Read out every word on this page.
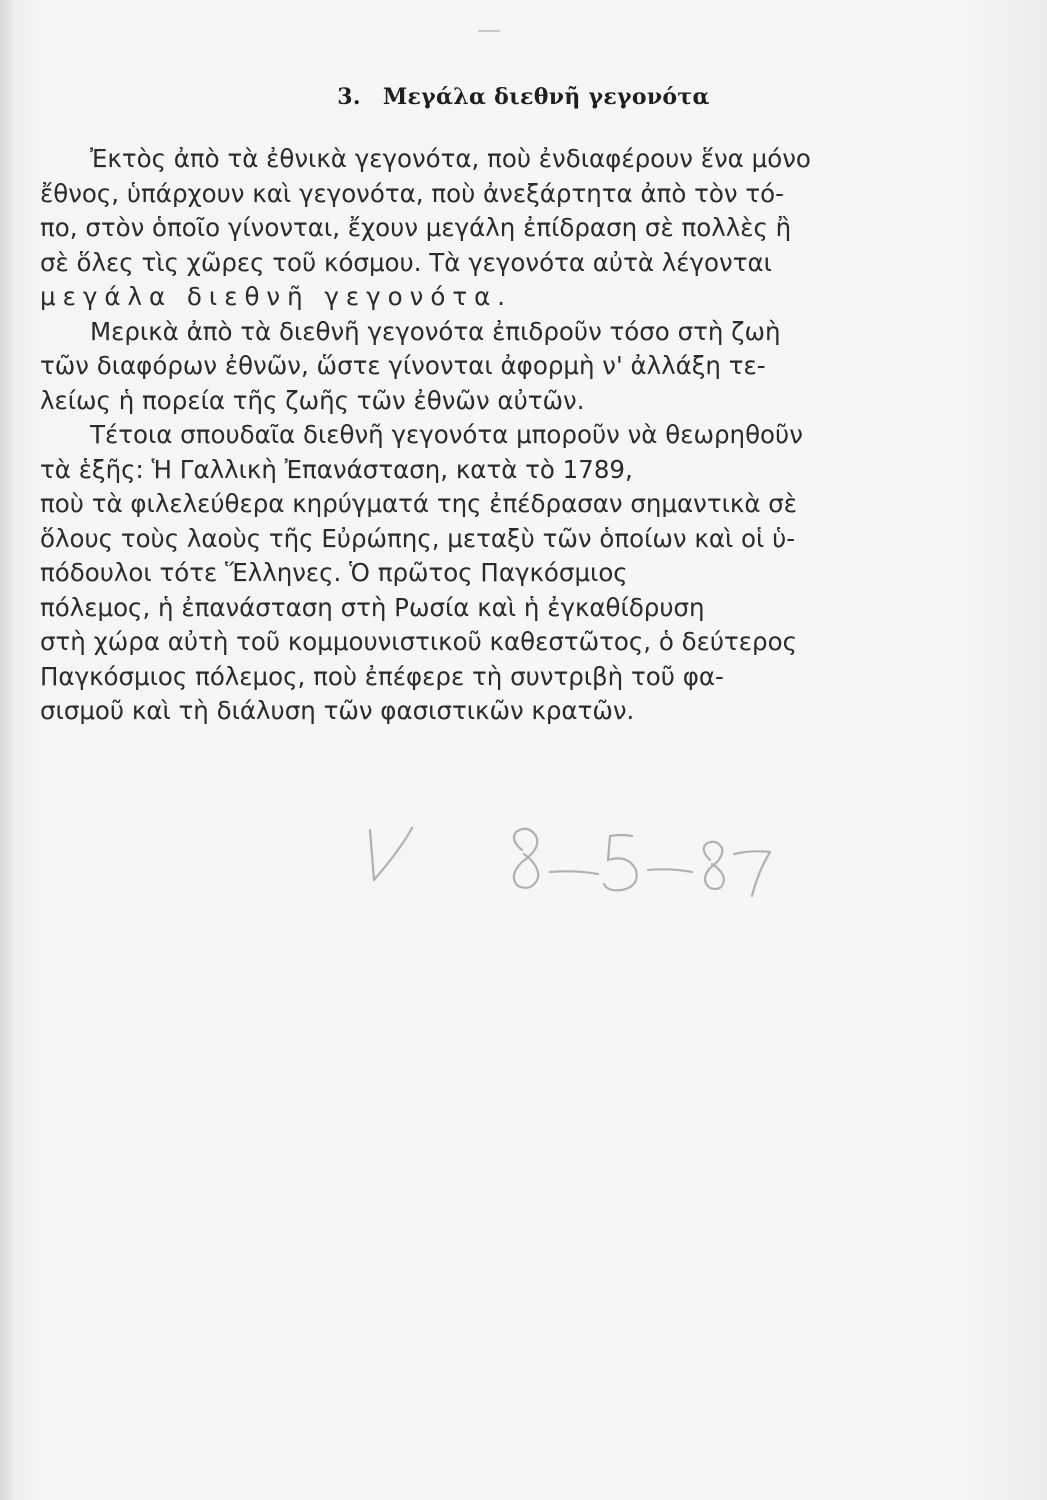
3. Μεγάλα διεθνῆ γεγονότα
Ἐκτὸς ἀπὸ τὰ ἐθνικὰ γεγονότα, ποὺ ἐνδιαφέρουν ἕνα μόνο
ἔθνος, ὑπάρχουν καὶ γεγονότα, ποὺ ἀνεξάρτητα ἀπὸ τὸν τό-
πο, στὸν ὁποῖο γίνονται, ἔχουν μεγάλη ἐπίδραση σὲ πολλὲς ἢ
σὲ ὅλες τὶς χῶρες τοῦ κόσμου. Τὰ γεγονότα αὐτὰ λέγονται
μεγάλα διεθνῆ γεγονότα.
Μερικὰ ἀπὸ τὰ διεθνῆ γεγονότα ἐπιδροῦν τόσο στὴ ζωὴ
τῶν διαφόρων ἐθνῶν, ὥστε γίνονται ἀφορμὴ ν' ἀλλάξη τε-
λείως ἡ πορεία τῆς ζωῆς τῶν ἐθνῶν αὐτῶν.
Τέτοια σπουδαῖα διεθνῆ γεγονότα μποροῦν νὰ θεωρηθοῦν
τὰ ἑξῆς: Ἡ Γαλλικὴ Ἐπανάσταση, κατὰ τὸ 1789,
ποὺ τὰ φιλελεύθερα κηρύγματά της ἐπέδρασαν σημαντικὰ σὲ
ὅλους τοὺς λαοὺς τῆς Εὐρώπης, μεταξὺ τῶν ὁποίων καὶ οἱ ὑ-
πόδουλοι τότε Ἕλληνες. Ὁ πρῶτος Παγκόσμιος
πόλεμος, ἡ ἐπανάσταση στὴ Ρωσία καὶ ἡ ἐγκαθίδρυση
στὴ χώρα αὐτὴ τοῦ κομμουνιστικοῦ καθεστῶτος, ὁ δεύτερος
Παγκόσμιος πόλεμος, ποὺ ἐπέφερε τὴ συντριβὴ τοῦ φα-
σισμοῦ καὶ τὴ διάλυση τῶν φασιστικῶν κρατῶν.
